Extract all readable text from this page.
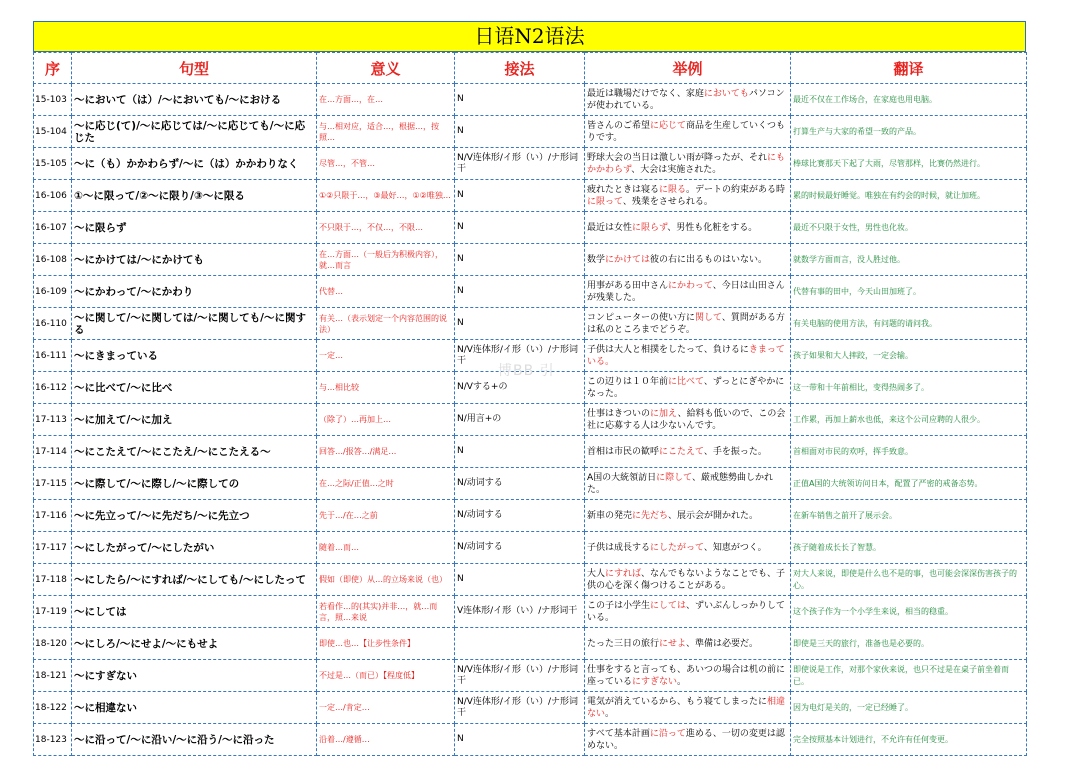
日语N2语法
序	句型	意义	接法	举例	翻译
15-103	～において（は）/～においても/～における	在…方面…，在…	N	最近は職場だけでなく、家庭においてもパソコンが使われている。	最近不仅在工作场合，在家庭也用电脑。
15-104	～に応じ(て)/～に応じては/～に応じても/～に応じた	与…相对应，适合…，根据…，按照…	N	皆さんのご希望に応じて商品を生産していくつもりです。	打算生产与大家的希望一致的产品。
15-105	～に（も）かかわらず/～に（は）かかわりなく	尽管…，不管…	N/V连体形/イ形（い）/ナ形词干	野球大会の当日は激しい雨が降ったが、それにもかかわらず、大会は実施された。	棒球比赛那天下起了大雨，尽管那样，比赛仍然进行。
16-106	①～に限って/②～に限り/③～に限る	①②只限于…，③最好…，①②唯独…	N	疲れたときは寝るに限る。デートの約束がある時に限って、残業をさせられる。	累的时候最好睡觉。唯独在有约会的时候，就让加班。
16-107	～に限らず	不只限于…，不仅…，不限…	N	最近は女性に限らず、男性も化粧をする。	最近不只限于女性，男性也化妆。
16-108	～にかけては/～にかけても	在…方面…（一般后为积极内容），就…而言	N	数学にかけては彼の右に出るものはいない。	就数学方面而言，没人胜过他。
16-109	～にかわって/～にかわり	代替…	N	用事がある田中さんにかわって、今日は山田さんが残業した。	代替有事的田中，今天山田加班了。
16-110	～に関して/～に関しては/～に関しても/～に関する	有关…（表示划定一个内容范围的说法）	N	コンピューターの使い方に関して、質問がある方は私のところまでどうぞ。	有关电脑的使用方法，有问题的请问我。
16-111	～にきまっている	一定…	N/V连体形/イ形（い）/ナ形词干	子供は大人と相撲をしたって、負けるにきまっている。	孩子如果和大人摔跤，一定会输。
16-112	～に比べて/～に比べ	与…相比较	N/Vする+の	この辺りは１０年前に比べて、ずっとにぎやかになった。	这一带和十年前相比，变得热闹多了。
17-113	～に加えて/～に加え	（除了）…再加上…	N/用言+の	仕事はきついのに加え、給料も低いので、この会社に応募する人は少ないんです。	工作累，再加上薪水也低，来这个公司应聘的人很少。
17-114	～にこたえて/～にこたえ/～にこたえる～	回答…/报答…/满足…	N	首相は市民の歓呼にこたえて、手を振った。	首相面对市民的欢呼，挥手致意。
17-115	～に際して/～に際し/～に際しての	在…之际/正值…之时	N/动词する	A国の大統領訪日に際して、厳戒態勢曲しかれた。	正值A国的大统领访问日本，配置了严密的戒备态势。
17-116	～に先立って/～に先だち/～に先立つ	先于…/在…之前	N/动词する	新車の発売に先だち、展示会が開かれた。	在新车销售之前开了展示会。
17-117	～にしたがって/～にしたがい	随着…而…	N/动词する	子供は成長するにしたがって、知恵がつく。	孩子随着成长长了智慧。
17-118	～にしたら/～にすれば/～にしても/～にしたって	假如（即使）从…的立场来说（也）	N	大人にすれば、なんでもないようなことでも、子供の心を深く傷つけることがある。	对大人来说，即使是什么也不是的事，也可能会深深伤害孩子的心。
17-119	～にしては	若看作…的(其实)并非…，就…而言，照…来说	V连体形/イ形（い）/ナ形词干	この子は小学生にしては、ずいぶんしっかりしている。	这个孩子作为一个小学生来说，相当的稳重。
18-120	～にしろ/～にせよ/～にもせよ	即使…也…【让步性条件】		たった三日の旅行にせよ、準備は必要だ。	即使是三天的旅行，准备也是必要的。
18-121	～にすぎない	不过是…（而已）【程度低】	N/V连体形/イ形（い）/ナ形词干	仕事をすると言っても、あいつの場合は机の前に座っているにすぎない。	即使说是工作，对那个家伙来说，也只不过是在桌子前坐着而已。
18-122	～に相違ない	一定…/肯定…	N/V连体形/イ形（い）/ナ形词干	電気が消えているから、もう寝てしまったに相違ない。	因为电灯是关的，一定已经睡了。
18-123	～に沿って/～に沿い/～に沿う/～に沿った	沿着…/遵循…	N	すべて基本計画に沿って進める、一切の変更は認めない。	完全按照基本计划进行，不允许有任何变更。
博BB 引
